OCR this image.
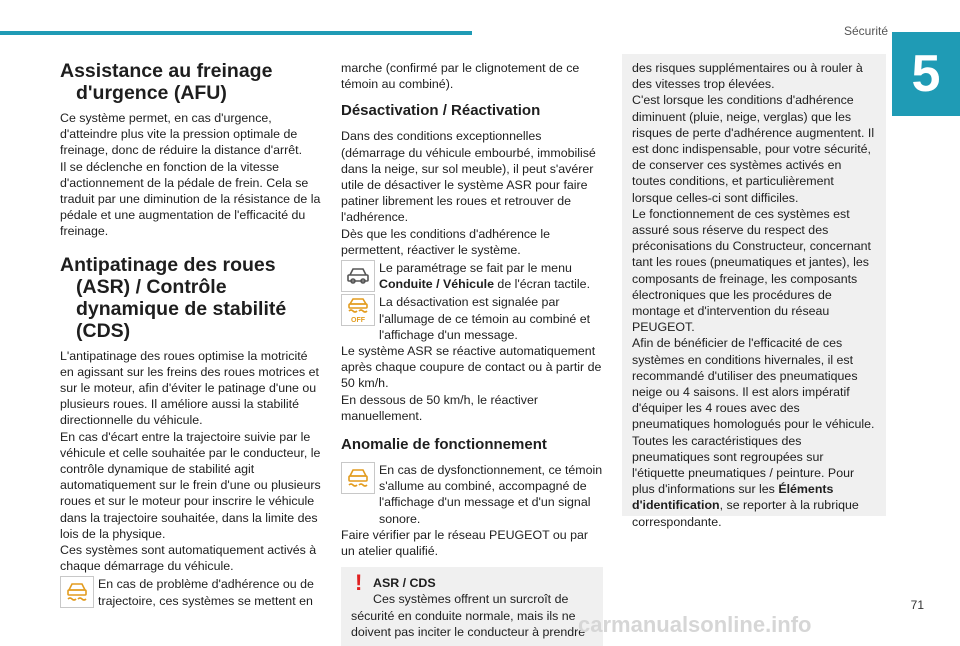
Sécurité
5
Assistance au freinage d'urgence (AFU)

Ce système permet, en cas d'urgence, d'atteindre plus vite la pression optimale de freinage, donc de réduire la distance d'arrêt.

Il se déclenche en fonction de la vitesse d'actionnement de la pédale de frein. Cela se traduit par une diminution de la résistance de la pédale et une augmentation de l'efficacité du freinage.

Antipatinage des roues (ASR) / Contrôle dynamique de stabilité (CDS)

L'antipatinage des roues optimise la motricité en agissant sur les freins des roues motrices et sur le moteur, afin d'éviter le patinage d'une ou plusieurs roues. Il améliore aussi la stabilité directionnelle du véhicule.

En cas d'écart entre la trajectoire suivie par le véhicule et celle souhaitée par le conducteur, le contrôle dynamique de stabilité agit automatiquement sur le frein d'une ou plusieurs roues et sur le moteur pour inscrire le véhicule dans la trajectoire souhaitée, dans la limite des lois de la physique.

Ces systèmes sont automatiquement activés à chaque démarrage du véhicule.

En cas de problème d'adhérence ou de trajectoire, ces systèmes se mettent en

marche (confirmé par le clignotement de ce témoin au combiné).

Désactivation / Réactivation

Dans des conditions exceptionnelles (démarrage du véhicule embourbé, immobilisé dans la neige, sur sol meuble), il peut s'avérer utile de désactiver le système ASR pour faire patiner librement les roues et retrouver de l'adhérence.

Dès que les conditions d'adhérence le permettent, réactiver le système.

Le paramétrage se fait par le menu Conduite / Véhicule de l'écran tactile.

OFF

La désactivation est signalée par l'allumage de ce témoin au combiné et l'affichage d'un message.

Le système ASR se réactive automatiquement après chaque coupure de contact ou à partir de 50 km/h.

En dessous de 50 km/h, le réactiver manuellement.

Anomalie de fonctionnement

En cas de dysfonctionnement, ce témoin s'allume au combiné, accompagné de l'affichage d'un message et d'un signal sonore.

Faire vérifier par le réseau PEUGEOT ou par un atelier qualifié.

! ASR / CDS

Ces systèmes offrent un surcroît de sécurité en conduite normale, mais ils ne doivent pas inciter le conducteur à prendre

des risques supplémentaires ou à rouler à des vitesses trop élevées.

C'est lorsque les conditions d'adhérence diminuent (pluie, neige, verglas) que les risques de perte d'adhérence augmentent. Il est donc indispensable, pour votre sécurité, de conserver ces systèmes activés en toutes conditions, et particulièrement lorsque celles-ci sont difficiles.

Le fonctionnement de ces systèmes est assuré sous réserve du respect des préconisations du Constructeur, concernant tant les roues (pneumatiques et jantes), les composants de freinage, les composants électroniques que les procédures de montage et d'intervention du réseau PEUGEOT.

Afin de bénéficier de l'efficacité de ces systèmes en conditions hivernales, il est recommandé d'utiliser des pneumatiques neige ou 4 saisons. Il est alors impératif d'équiper les 4 roues avec des pneumatiques homologués pour le véhicule.

Toutes les caractéristiques des pneumatiques sont regroupées sur l'étiquette pneumatiques / peinture. Pour plus d'informations sur les Éléments d'identification, se reporter à la rubrique correspondante.

71
carmanualsonline.info
